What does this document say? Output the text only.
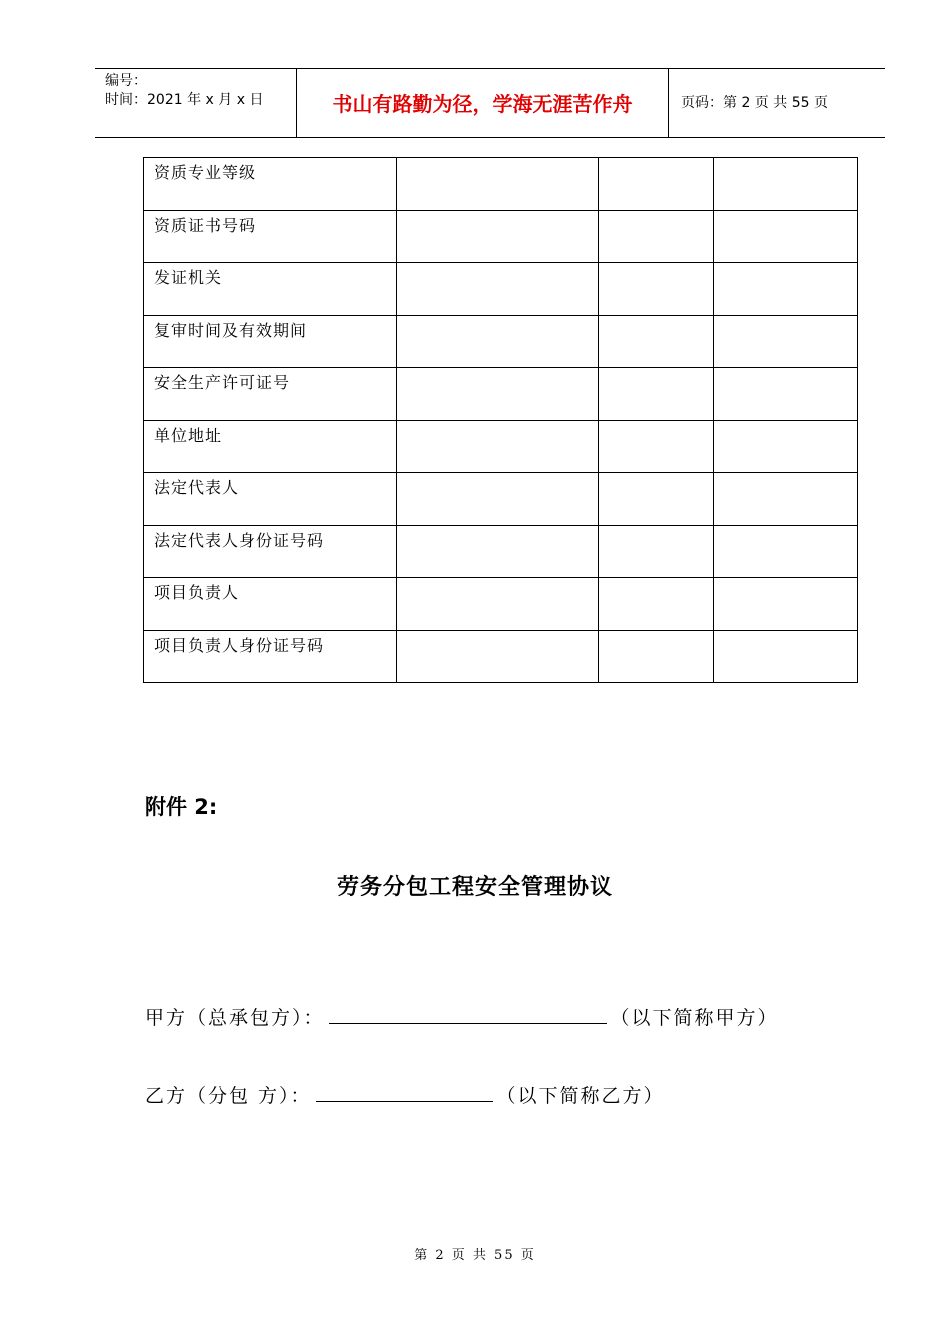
编号：
时间：2021 年 x 月 x 日	书山有路勤为径，学海无涯苦作舟	页码：第 2 页 共 55 页
资质专业等级			
资质证书号码			
发证机关			
复审时间及有效期间			
安全生产许可证号			
单位地址			
法定代表人			
法定代表人身份证号码			
项目负责人			
项目负责人身份证号码			
附件 2:
劳务分包工程安全管理协议
甲方（总承包方）：	（以下简称甲方）
乙方（分包 方）：	（以下简称乙方）
第 2 页 共 55 页
